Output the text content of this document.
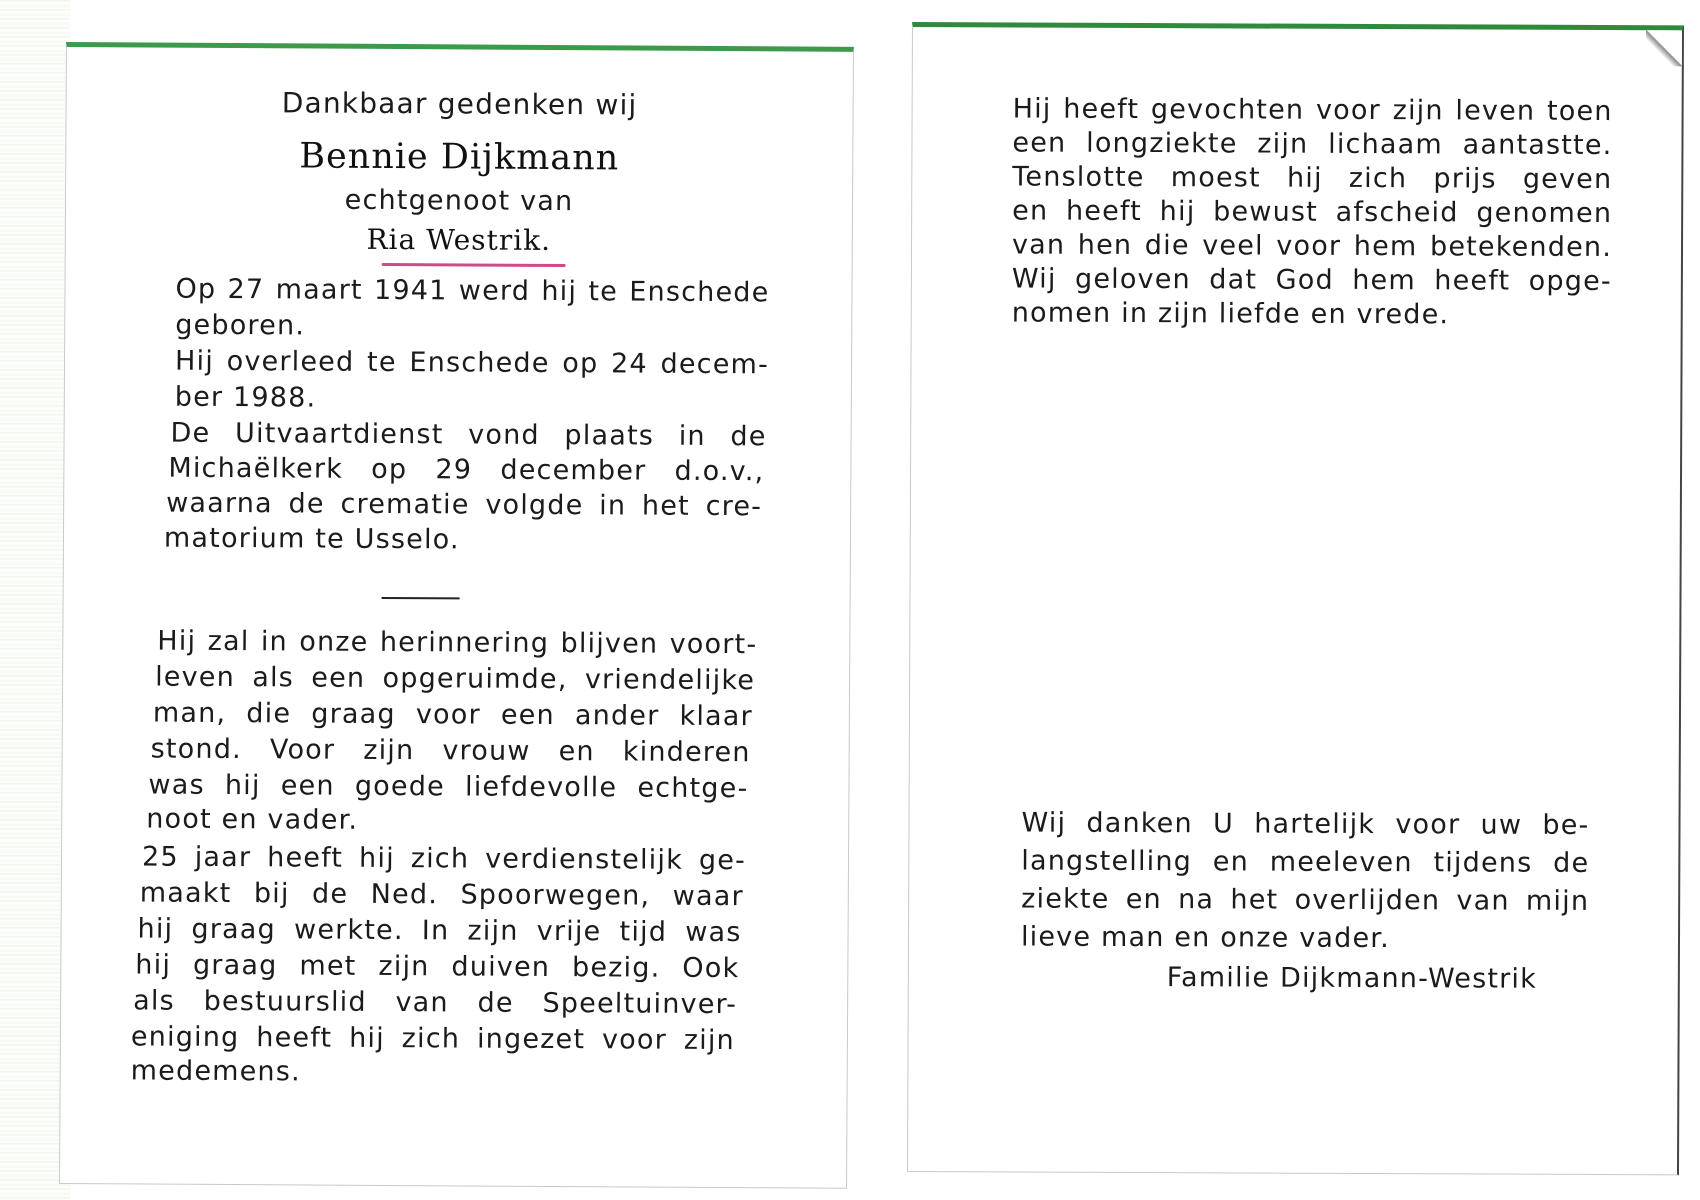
Dankbaar gedenken wij
Bennie Dijkmann
echtgenoot van
Ria Westrik.
Op 27 maart 1941 werd hij te Enschede
geboren.
Hij overleed te Enschede op 24 decem-
ber 1988.
De Uitvaartdienst vond plaats in de
Michaëlkerk op 29 december d.o.v.,
waarna de crematie volgde in het cre-
matorium te Usselo.
Hij zal in onze herinnering blijven voort-
leven als een opgeruimde, vriendelijke
man, die graag voor een ander klaar
stond. Voor zijn vrouw en kinderen
was hij een goede liefdevolle echtge-
noot en vader.
25 jaar heeft hij zich verdienstelijk ge-
maakt bij de Ned. Spoorwegen, waar
hij graag werkte. In zijn vrije tijd was
hij graag met zijn duiven bezig. Ook
als bestuurslid van de Speeltuinver-
eniging heeft hij zich ingezet voor zijn
medemens.
Hij heeft gevochten voor zijn leven toen
een longziekte zijn lichaam aantastte.
Tenslotte moest hij zich prijs geven
en heeft hij bewust afscheid genomen
van hen die veel voor hem betekenden.
Wij geloven dat God hem heeft opge-
nomen in zijn liefde en vrede.
Wij danken U hartelijk voor uw be-
langstelling en meeleven tijdens de
ziekte en na het overlijden van mijn
lieve man en onze vader.
Familie Dijkmann-Westrik
